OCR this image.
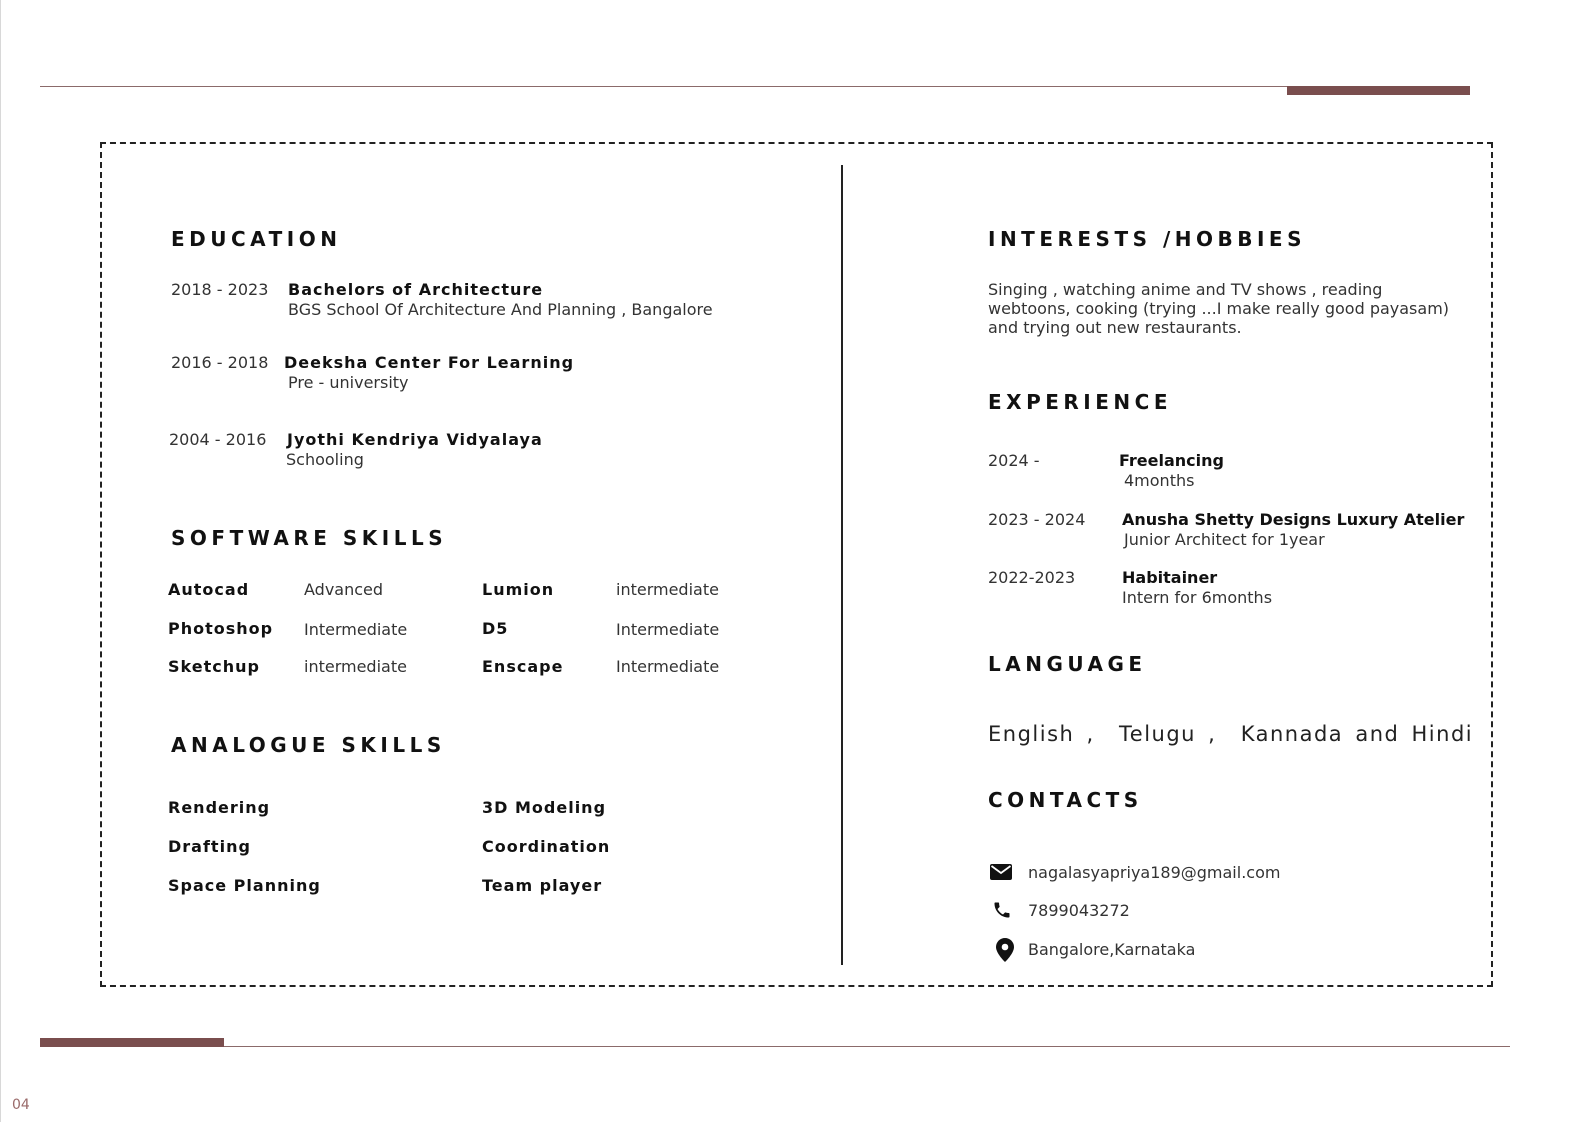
EDUCATION
2018 - 2023 Bachelors of Architecture
BGS School Of Architecture And Planning , Bangalore
2016 - 2018 Deeksha Center For Learning
Pre - university
2004 - 2016 Jyothi Kendriya Vidyalaya
Schooling
SOFTWARE SKILLS
Autocad	Advanced	Lumion	intermediate
Photoshop Intermediate	D5	Intermediate
Sketchup	intermediate	Enscape	Intermediate
ANALOGUE SKILLS
Rendering	3D Modeling
Drafting	Coordination
Space Planning	Team player
INTERESTS /HOBBIES
Singing , watching anime and TV shows , reading webtoons, cooking (trying ...I make really good payasam) and trying out new restaurants.
EXPERIENCE
2024 -	Freelancing
4months
2023 - 2024 Anusha Shetty Designs Luxury Atelier
Junior Architect for 1year
2022-2023	Habitainer
Intern for 6months
LANGUAGE
English ,  Telugu ,  Kannada and Hindi
CONTACTS
nagalasyapriya189@gmail.com
7899043272
Bangalore,Karnataka
04
